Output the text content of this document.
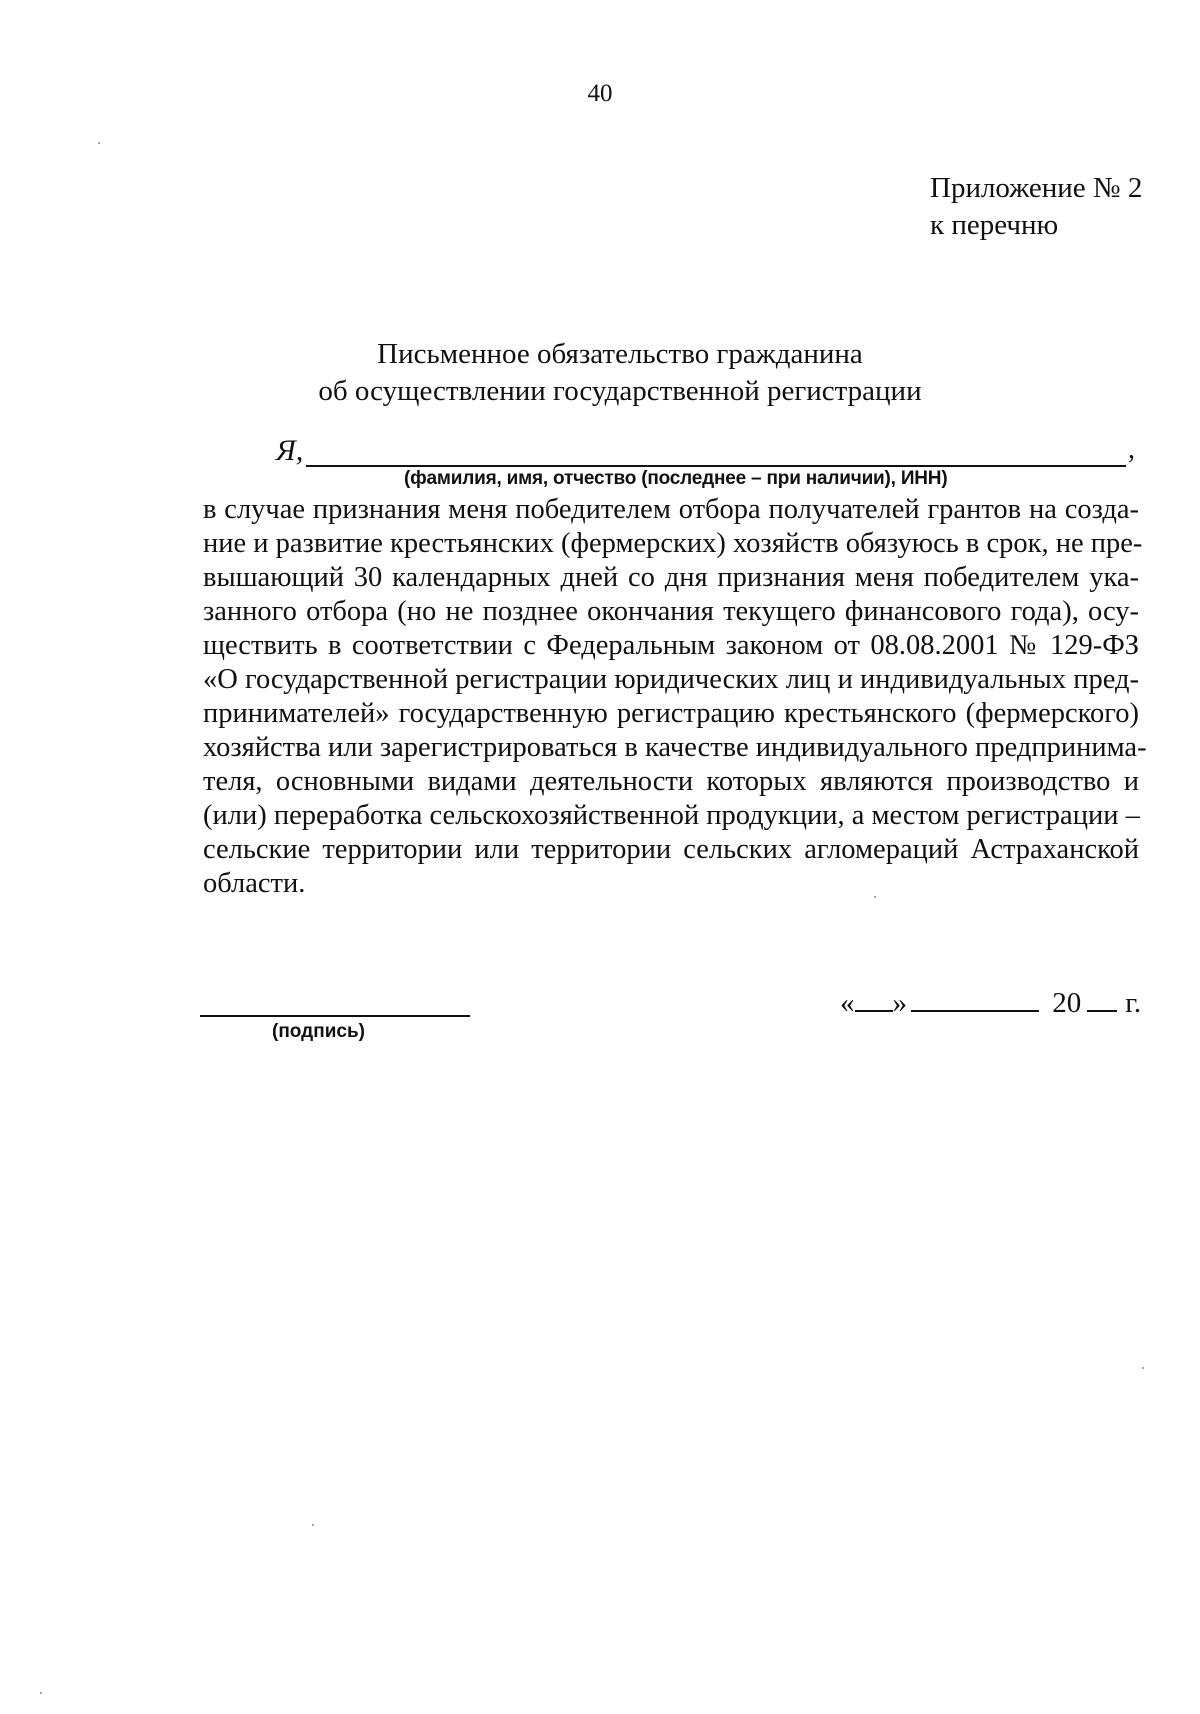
40
Приложение № 2
к перечню
Письменное обязательство гражданина
об осуществлении государственной регистрации
Я,	,
(фамилия, имя, отчество (последнее – при наличии), ИНН)
в случае признания меня победителем отбора получателей грантов на созда-
ние и развитие крестьянских (фермерских) хозяйств обязуюсь в срок, не пре-
вышающий 30 календарных дней со дня признания меня победителем ука-
занного отбора (но не позднее окончания текущего финансового года), осу-
ществить в соответствии с Федеральным законом от 08.08.2001 № 129-ФЗ
«О государственной регистрации юридических лиц и индивидуальных пред-
принимателей» государственную регистрацию крестьянского (фермерского)
хозяйства или зарегистрироваться в качестве индивидуального предпринима-
теля, основными видами деятельности которых являются производство и
(или) переработка сельскохозяйственной продукции, а местом регистрации –
сельские территории или территории сельских агломераций Астраханской
области.
(подпись)
« »	20 г.
